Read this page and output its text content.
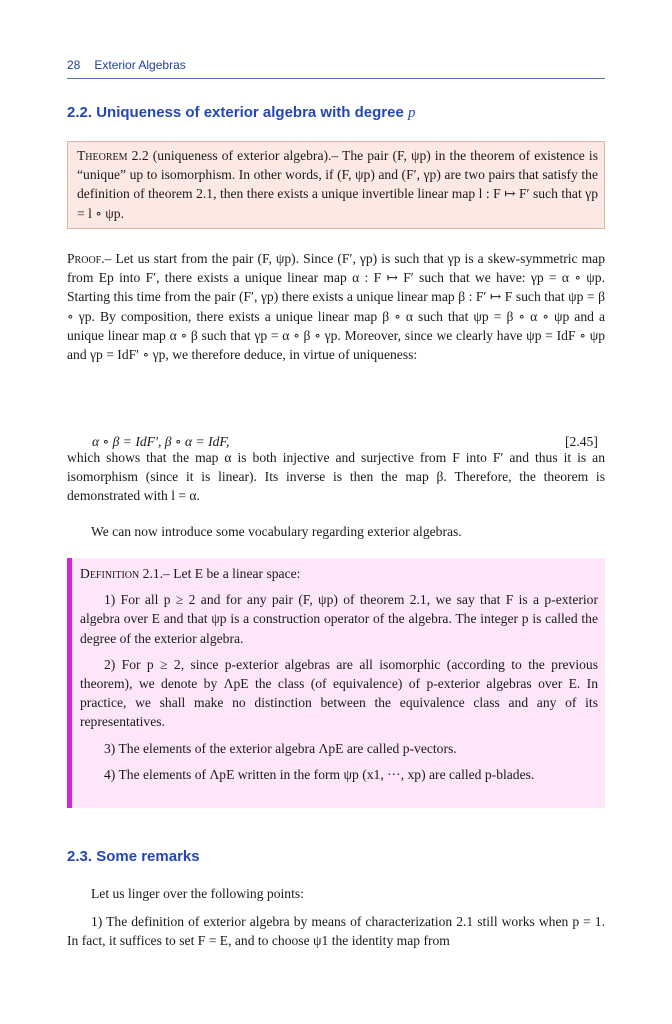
28 Exterior Algebras
2.2. Uniqueness of exterior algebra with degree p
Theorem 2.2 (uniqueness of exterior algebra).– The pair (F, ψp) in the theorem of existence is “unique” up to isomorphism. In other words, if (F, ψp) and (F′, γp) are two pairs that satisfy the definition of theorem 2.1, then there exists a unique invertible linear map l : F ↦ F′ such that γp = l ∘ ψp.
Proof.– Let us start from the pair (F, ψp). Since (F′, γp) is such that γp is a skew-symmetric map from Ep into F′, there exists a unique linear map α : F ↦ F′ such that we have: γp = α ∘ ψp. Starting this time from the pair (F′, γp) there exists a unique linear map β : F′ ↦ F such that ψp = β ∘ γp. By composition, there exists a unique linear map β ∘ α such that ψp = β ∘ α ∘ ψp and a unique linear map α ∘ β such that γp = α ∘ β ∘ γp. Moreover, since we clearly have ψp = IdF ∘ ψp and γp = IdF′ ∘ γp, we therefore deduce, in virtue of uniqueness:
α ∘ β = IdF′, β ∘ α = IdF,	[2.45]
which shows that the map α is both injective and surjective from F into F′ and thus it is an isomorphism (since it is linear). Its inverse is then the map β. Therefore, the theorem is demonstrated with l = α.
We can now introduce some vocabulary regarding exterior algebras.
Definition 2.1.– Let E be a linear space:
1) For all p ≥ 2 and for any pair (F, ψp) of theorem 2.1, we say that F is a p-exterior algebra over E and that ψp is a construction operator of the algebra. The integer p is called the degree of the exterior algebra.
2) For p ≥ 2, since p-exterior algebras are all isomorphic (according to the previous theorem), we denote by ΛpE the class (of equivalence) of p-exterior algebras over E. In practice, we shall make no distinction between the equivalence class and any of its representatives.
3) The elements of the exterior algebra ΛpE are called p-vectors.
4) The elements of ΛpE written in the form ψp (x1, ···, xp) are called p-blades.
2.3. Some remarks
Let us linger over the following points:
1) The definition of exterior algebra by means of characterization 2.1 still works when p = 1. In fact, it suffices to set F = E, and to choose ψ1 the identity map from
